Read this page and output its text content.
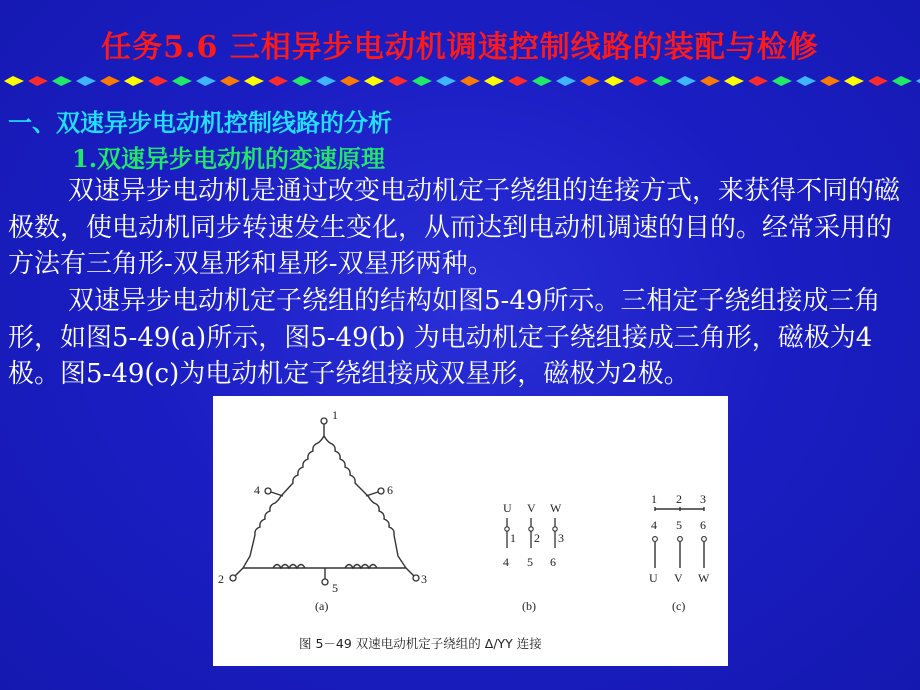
任务5.6 三相异步电动机调速控制线路的装配与检修
一、双速异步电动机控制线路的分析
1.双速异步电动机的变速原理

双速异步电动机是通过改变电动机定子绕组的连接方式，来获得不同的磁极数，使电动机同步转速发生变化，从而达到电动机调速的目的。经常采用的方法有三角形-双星形和星形-双星形两种。

双速异步电动机定子绕组的结构如图5-49所示。三相定子绕组接成三角形，如图5-49(a)所示，图5-49(b) 为电动机定子绕组接成三角形，磁极为4极。图5-49(c)为电动机定子绕组接成双星形，磁极为2极。

1
4	6
2	3
5
(a)
U V W
1 2 3
4 5 6
(b)
1 2 3
4 5 6
U V W
(c)
图 5－49 双速电动机定子绕组的 Δ/YY 连接
